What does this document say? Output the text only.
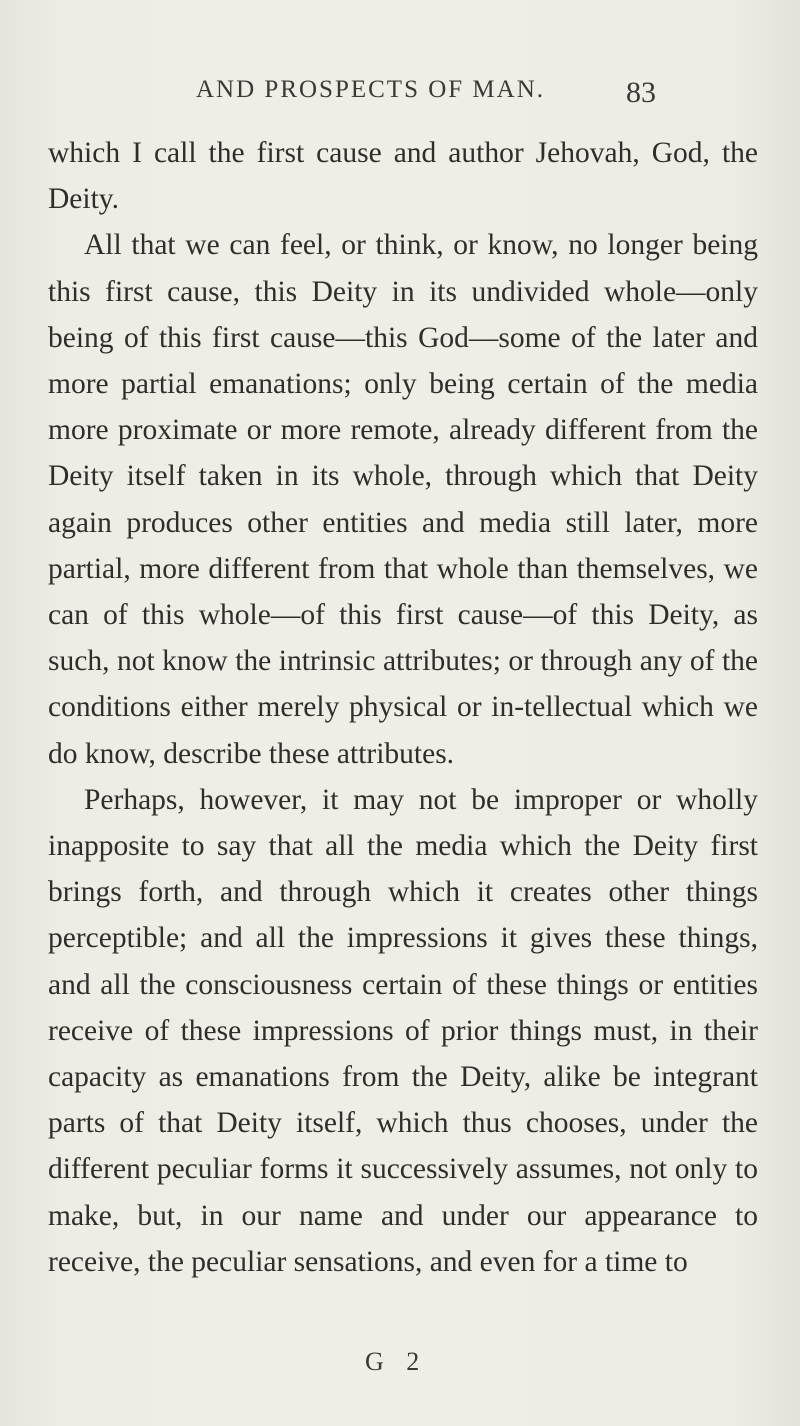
AND PROSPECTS OF MAN.	83

which I call the first cause and author Jehovah, God, the Deity.

All that we can feel, or think, or know, no longer being this first cause, this Deity in its undivided whole—only being of this first cause—this God—some of the later and more partial emanations; only being certain of the media more proximate or more remote, already different from the Deity itself taken in its whole, through which that Deity again produces other entities and media still later, more partial, more different from that whole than themselves, we can of this whole—of this first cause—of this Deity, as such, not know the intrinsic attributes; or through any of the conditions either merely physical or in-tellectual which we do know, describe these attributes.

Perhaps, however, it may not be improper or wholly inapposite to say that all the media which the Deity first brings forth, and through which it creates other things perceptible; and all the impressions it gives these things, and all the consciousness certain of these things or entities receive of these impressions of prior things must, in their capacity as emanations from the Deity, alike be integrant parts of that Deity itself, which thus chooses, under the different peculiar forms it successively assumes, not only to make, but, in our name and under our appearance to receive, the peculiar sensations, and even for a time to

G 2
